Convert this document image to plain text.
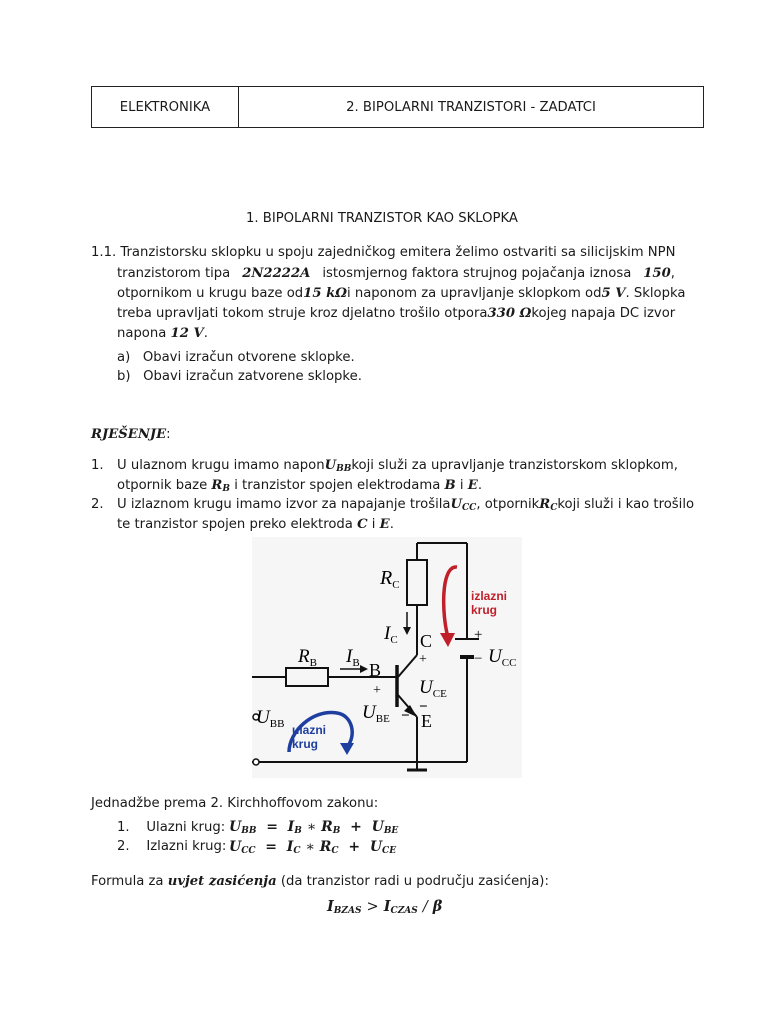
ELEKTRONIKA	2. BIPOLARNI TRANZISTORI - ZADATCI
1. BIPOLARNI TRANZISTOR KAO SKLOPKA
1.1. Tranzistorsku sklopku u spoju zajedničkog emitera želimo ostvariti sa silicijskim NPN
tranzistorom tipa 2N2222A istosmjernog faktora strujnog pojačanja iznosa 150,
otpornikom u krugu baze od 15 kΩ i naponom za upravljanje sklopkom od 5 V. Sklopka
treba upravljati tokom struje kroz djelatno trošilo otpora 330 Ω kojeg napaja DC izvor
napona 12 V.
a) Obavi izračun otvorene sklopke.
b) Obavi izračun zatvorene sklopke.
RJEŠENJE:
1. U ulaznom krugu imamo napon $U_{BB}$ koji služi za upravljanje tranzistorskom sklopkom,
otpornik baze $R_B$ i tranzistor spojen elektrodama B i E.
2. U izlaznom krugu imamo izvor za napajanje trošila $U_{CC}$, otpornik $R_C$ koji služi i kao trošilo
te tranzistor spojen preko elektroda C i E.
$R_C$
$I_C$ C
izlazni
krug
+
− $U_{CC}$
$R_B$ $I_B$ B
+
$U_{CE}$
+
$U_{BB}$
$U_{BE}$ −
−
E
ulazni
krug
Jednadžbe prema 2. Kirchhoffovom zakonu:
1. Ulazni krug: $U_{BB} = I_B$ ∗ $R_B + U_{BE}$
2. Izlazni krug: $U_{CC} = I_C$ ∗ $R_C + U_{CE}$
Formula za uvjet zasićenja (da tranzistor radi u području zasićenja):
$I_{BZAS} > I_{CZAS} / \beta$
